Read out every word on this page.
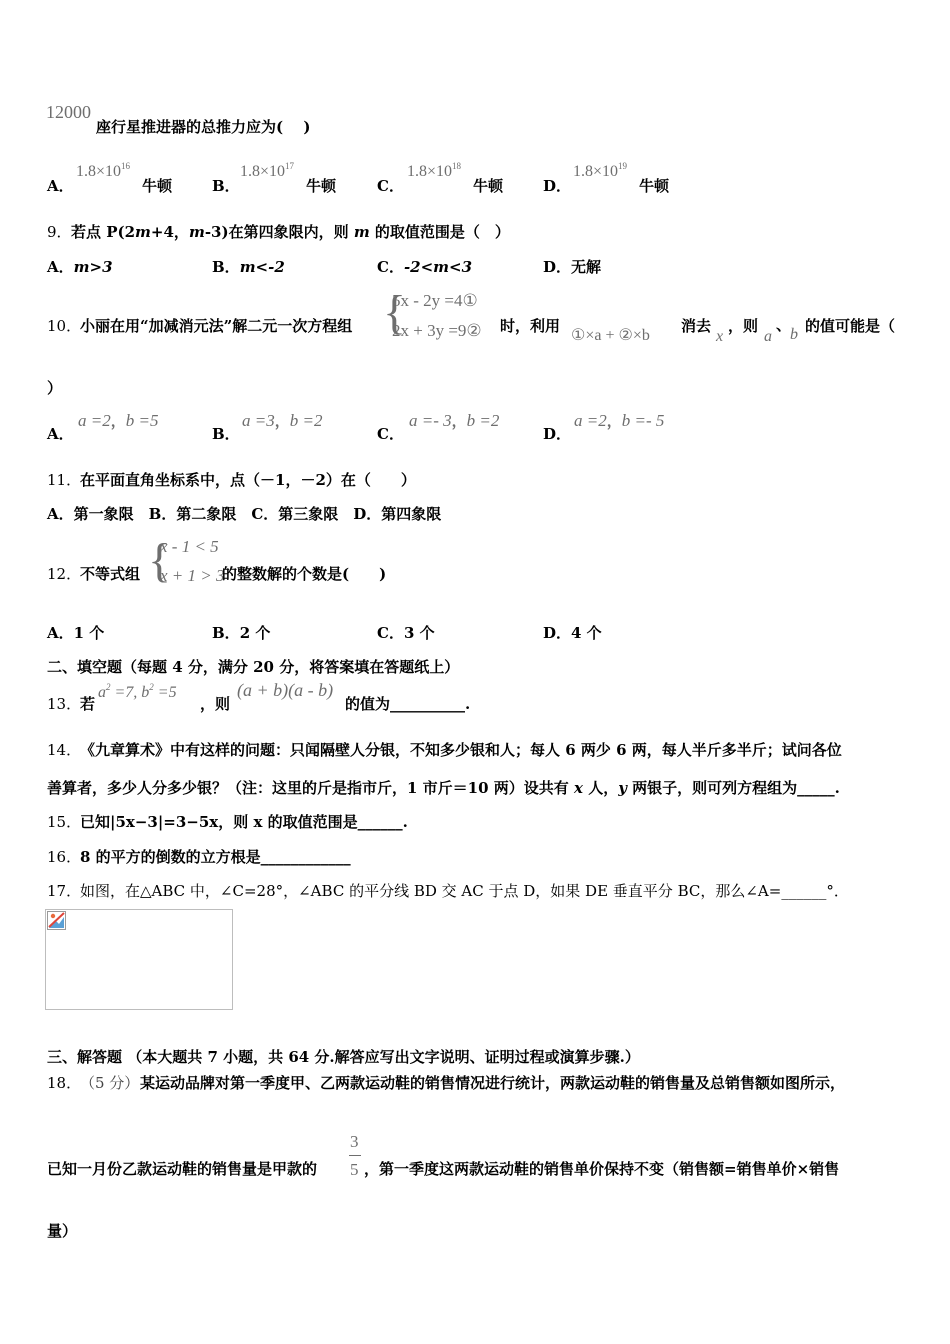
12000
座行星推进器的总推力应为(　 )
A．
$1.8\times 10^{16}$
牛顿	B．
$1.8\times 10^{17}$
牛顿	C．
$1.8\times 10^{18}$
牛顿	D．
$1.8\times 10^{19}$
牛顿
9． 若点 P(2m+4，m-3)在第四象限内，则 m 的取值范围是（　）
A．m>3	B．m<-2	C．-2<m<3	D．无解
10．
小丽在用“加减消元法”解二元一次方程组 {
5x - 2y =4①
2x + 3y =9② 时，利用
①×a + ②×b
消去
x
，则
a
、
b 的值可能是（
）
A．
a =2，b =5
B．
a =3，b =2
C．
a =- 3，b =2
D．
a =2，b =- 5
11．
在平面直角坐标系中，点（－1，－2）在（　　）
A．第一象限　B．第二象限　C．第三象限　D．第四象限
12．
不等式组 {
x - 1 < 5
x + 1 > 3
的整数解的个数是(　　)
A．1 个	B．2 个	C．3 个	D．4 个
二、填空题（每题 4 分，满分 20 分，将答案填在答题纸上）
13．
若
$a^2 =7$, $b^2 =5$
，则
(a + b)(a - b)
的值为__________.
14．
《九章算术》中有这样的问题：只闻隔壁人分银，不知多少银和人；每人 6 两少 6 两，每人半斤多半斤；试问各位
善算者，多少人分多少银？（注：这里的斤是指市斤，1 市斤＝10 两）设共有 x 人，y 两银子，则可列方程组为_____.
15．
已知|5x−3|=3−5x，则 x 的取值范围是______.
16．
8 的平方的倒数的立方根是____________
17．
如图，在△ABC 中，∠C=28°，∠ABC 的平分线 BD 交 AC 于点 D，如果 DE 垂直平分 BC，那么∠A=______°．
三、解答题 （本大题共 7 小题，共 64 分.解答应写出文字说明、证明过程或演算步骤.）
18．
（5 分） 某运动品牌对第一季度甲、乙两款运动鞋的销售情况进行统计，两款运动鞋的销售量及总销售额如图所示，
已知一月份乙款运动鞋的销售量是甲款的
3
5 ，第一季度这两款运动鞋的销售单价保持不变（销售额=销售单价×销售
量）
